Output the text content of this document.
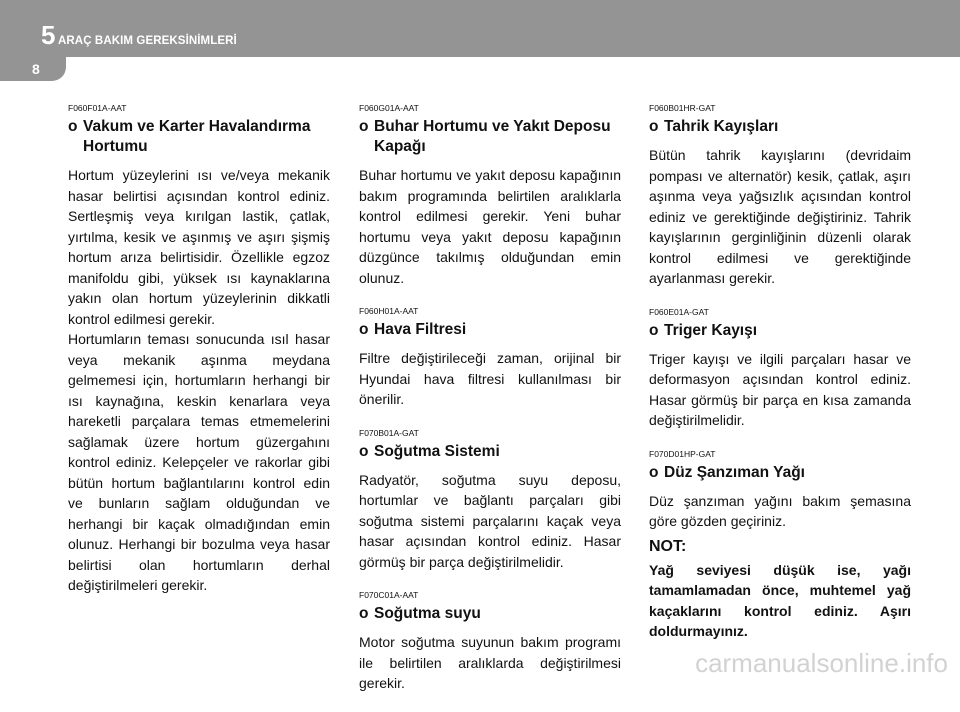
5 ARAÇ BAKIM GEREKSİNİMLERİ
8

F060F01A-AAT

o Vakum ve Karter Havalandırma Hortumu

Hortum yüzeylerini ısı ve/veya mekanik hasar belirtisi açısından kontrol ediniz. Sertleşmiş veya kırılgan lastik, çatlak, yırtılma, kesik ve aşınmış ve aşırı şişmiş hortum arıza belirtisidir. Özellikle egzoz manifoldu gibi, yüksek ısı kaynaklarına yakın olan hortum yüzeylerinin dikkatli kontrol edilmesi gerekir.

Hortumların teması sonucunda ısıl hasar veya mekanik aşınma meydana gelmemesi için, hortumların herhangi bir ısı kaynağına, keskin kenarlara veya hareketli parçalara temas etmemelerini sağlamak üzere hortum güzergahını kontrol ediniz. Kelepçeler ve rakorlar gibi bütün hortum bağlantılarını kontrol edin ve bunların sağlam olduğundan ve herhangi bir kaçak olmadığından emin olunuz. Herhangi bir bozulma veya hasar belirtisi olan hortumların derhal değiştirilmeleri gerekir.

F060G01A-AAT

o Buhar Hortumu ve Yakıt Deposu Kapağı

Buhar hortumu ve yakıt deposu kapağının bakım programında belirtilen aralıklarla kontrol edilmesi gerekir. Yeni buhar hortumu veya yakıt deposu kapağının düzgünce takılmış olduğundan emin olunuz.

F060H01A-AAT

o Hava Filtresi

Filtre değiştirileceği zaman, orijinal bir Hyundai hava filtresi kullanılması bir önerilir.

F070B01A-GAT

o Soğutma Sistemi

Radyatör, soğutma suyu deposu, hortumlar ve bağlantı parçaları gibi soğutma sistemi parçalarını kaçak veya hasar açısından kontrol ediniz. Hasar görmüş bir parça değiştirilmelidir.

F070C01A-AAT

o Soğutma suyu

Motor soğutma suyunun bakım programı ile belirtilen aralıklarda değiştirilmesi gerekir.

F060B01HR-GAT

o Tahrik Kayışları

Bütün tahrik kayışlarını (devridaim pompası ve alternatör) kesik, çatlak, aşırı aşınma veya yağsızlık açısından kontrol ediniz ve gerektiğinde değiştiriniz. Tahrik kayışlarının gerginliğinin düzenli olarak kontrol edilmesi ve gerektiğinde ayarlanması gerekir.

F060E01A-GAT

o Triger Kayışı

Triger kayışı ve ilgili parçaları hasar ve deformasyon açısından kontrol ediniz. Hasar görmüş bir parça en kısa zamanda değiştirilmelidir.

F070D01HP-GAT

o Düz Şanzıman Yağı

Düz şanzıman yağını bakım şemasına göre gözden geçiriniz.

NOT:

Yağ seviyesi düşük ise, yağı tamamlamadan önce, muhtemel yağ kaçaklarını kontrol ediniz. Aşırı doldurmayınız.

carmanualsonline.info
